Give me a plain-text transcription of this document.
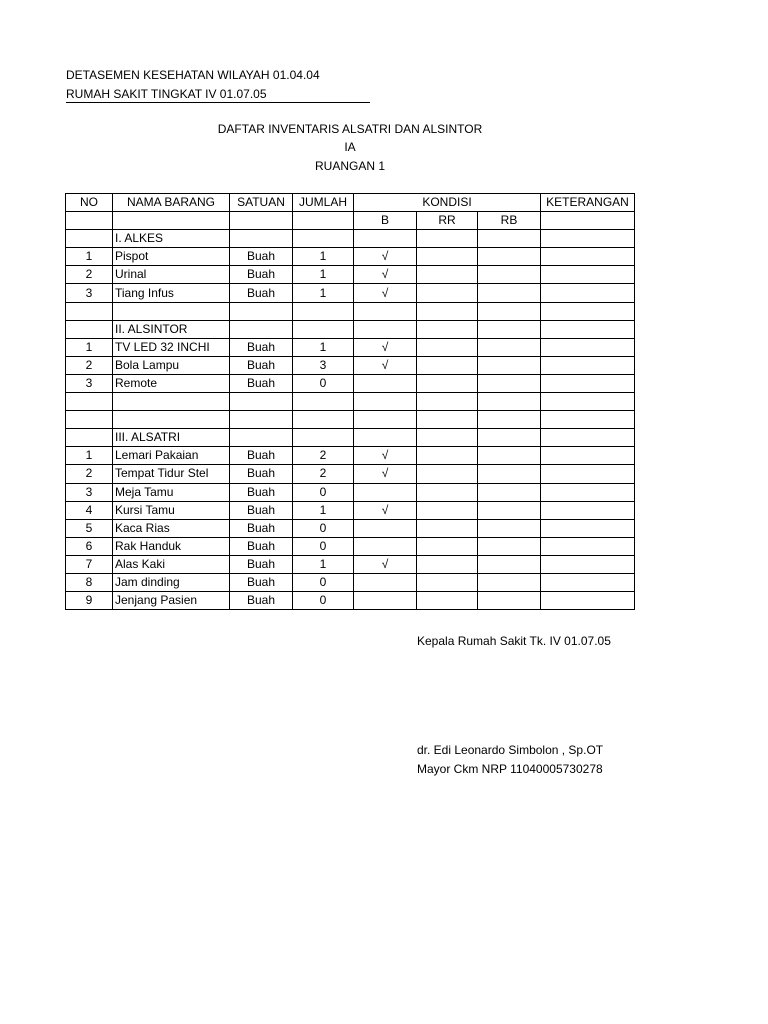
DETASEMEN KESEHATAN WILAYAH 01.04.04
RUMAH SAKIT TINGKAT IV 01.07.05
DAFTAR INVENTARIS ALSATRI DAN ALSINTOR
IA
RUANGAN 1
NO	NAMA BARANG	SATUAN	JUMLAH	KONDISI			KETERANGAN
				B	RR	RB	
	I. ALKES						
1	Pispot	Buah	1	√			
2	Urinal	Buah	1	√			
3	Tiang Infus	Buah	1	√			

	II. ALSINTOR						
1	TV LED 32 INCHI	Buah	1	√			
2	Bola Lampu	Buah	3	√			
3	Remote	Buah	0				

	III. ALSATRI						
1	Lemari Pakaian	Buah	2	√			
2	Tempat Tidur Stel	Buah	2	√			
3	Meja Tamu	Buah	0				
4	Kursi Tamu	Buah	1	√			
5	Kaca Rias	Buah	0				
6	Rak Handuk	Buah	0				
7	Alas Kaki	Buah	1	√			
8	Jam dinding	Buah	0				
9	Jenjang Pasien	Buah	0				
Kepala Rumah Sakit Tk. IV 01.07.05
dr. Edi Leonardo Simbolon , Sp.OT
Mayor Ckm NRP 11040005730278
